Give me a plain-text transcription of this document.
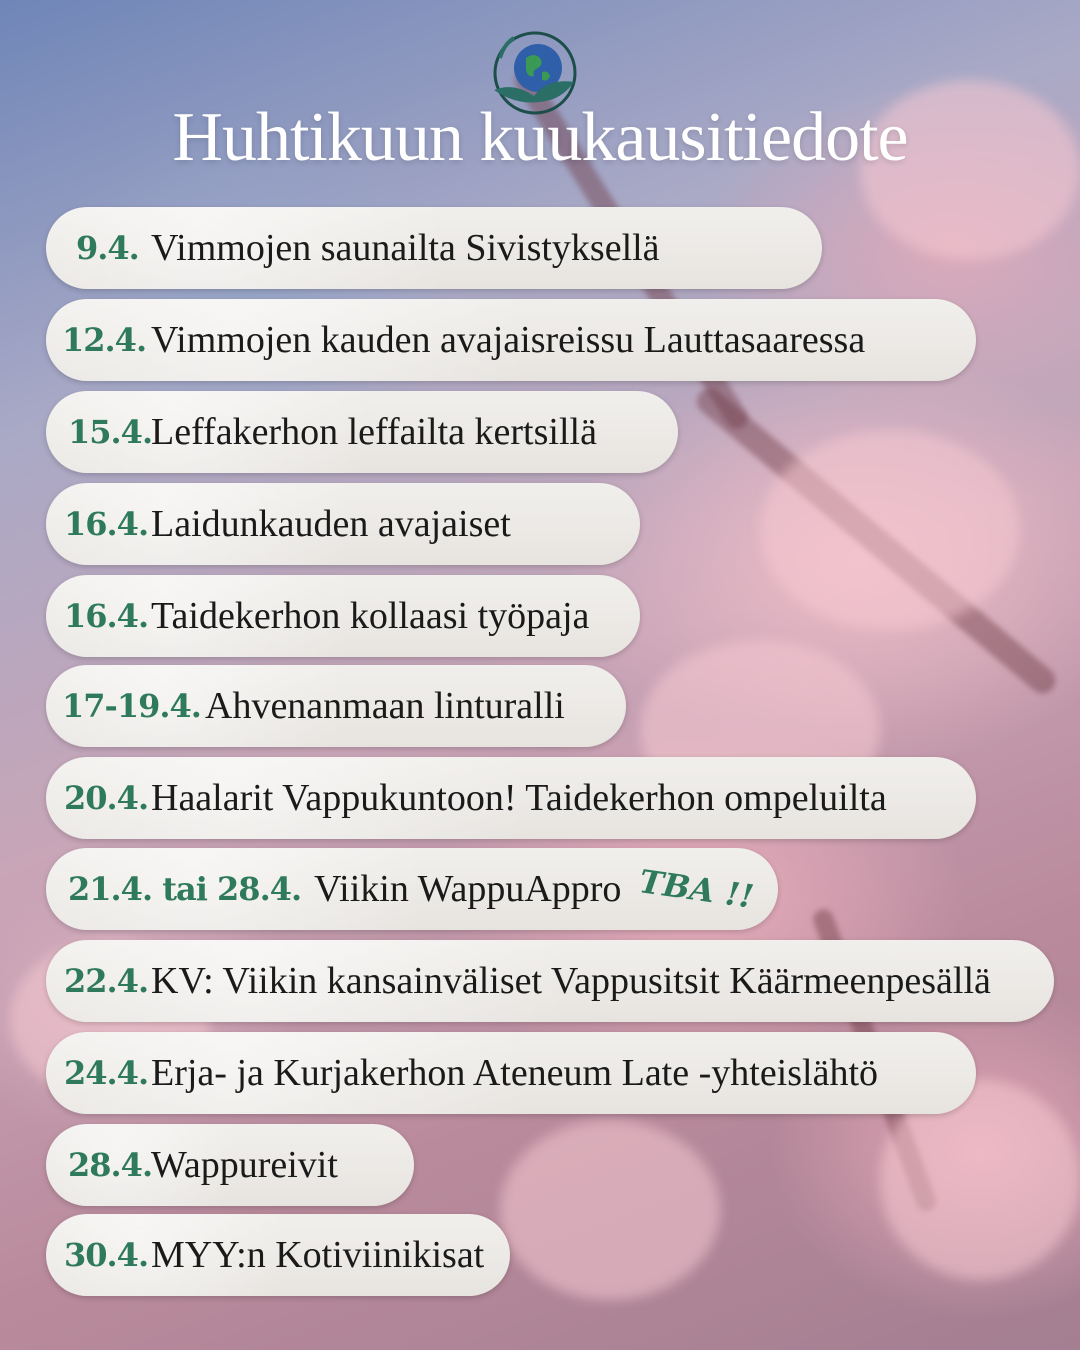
Huhtikuun kuukausitiedote
9.4. Vimmojen saunailta Sivistyksellä
12.4. Vimmojen kauden avajaisreissu Lauttasaaressa
15.4.
Leffakerhon leffailta kertsillä
16.4. Laidunkauden avajaiset
16.4. Taidekerhon kollaasi työpaja
17-19.4. Ahvenanmaan linturalli
20.4. Haalarit Vappukuntoon! Taidekerhon ompeluilta
21.4. tai 28.4. Viikin WappuAppro TBA !!
22.4. KV: Viikin kansainväliset Vappusitsit Käärmeenpesällä
24.4. Erja- ja Kurjakerhon Ateneum Late -yhteislähtö
28.4.
Wappureivit
30.4. MYY:n Kotiviinikisat
